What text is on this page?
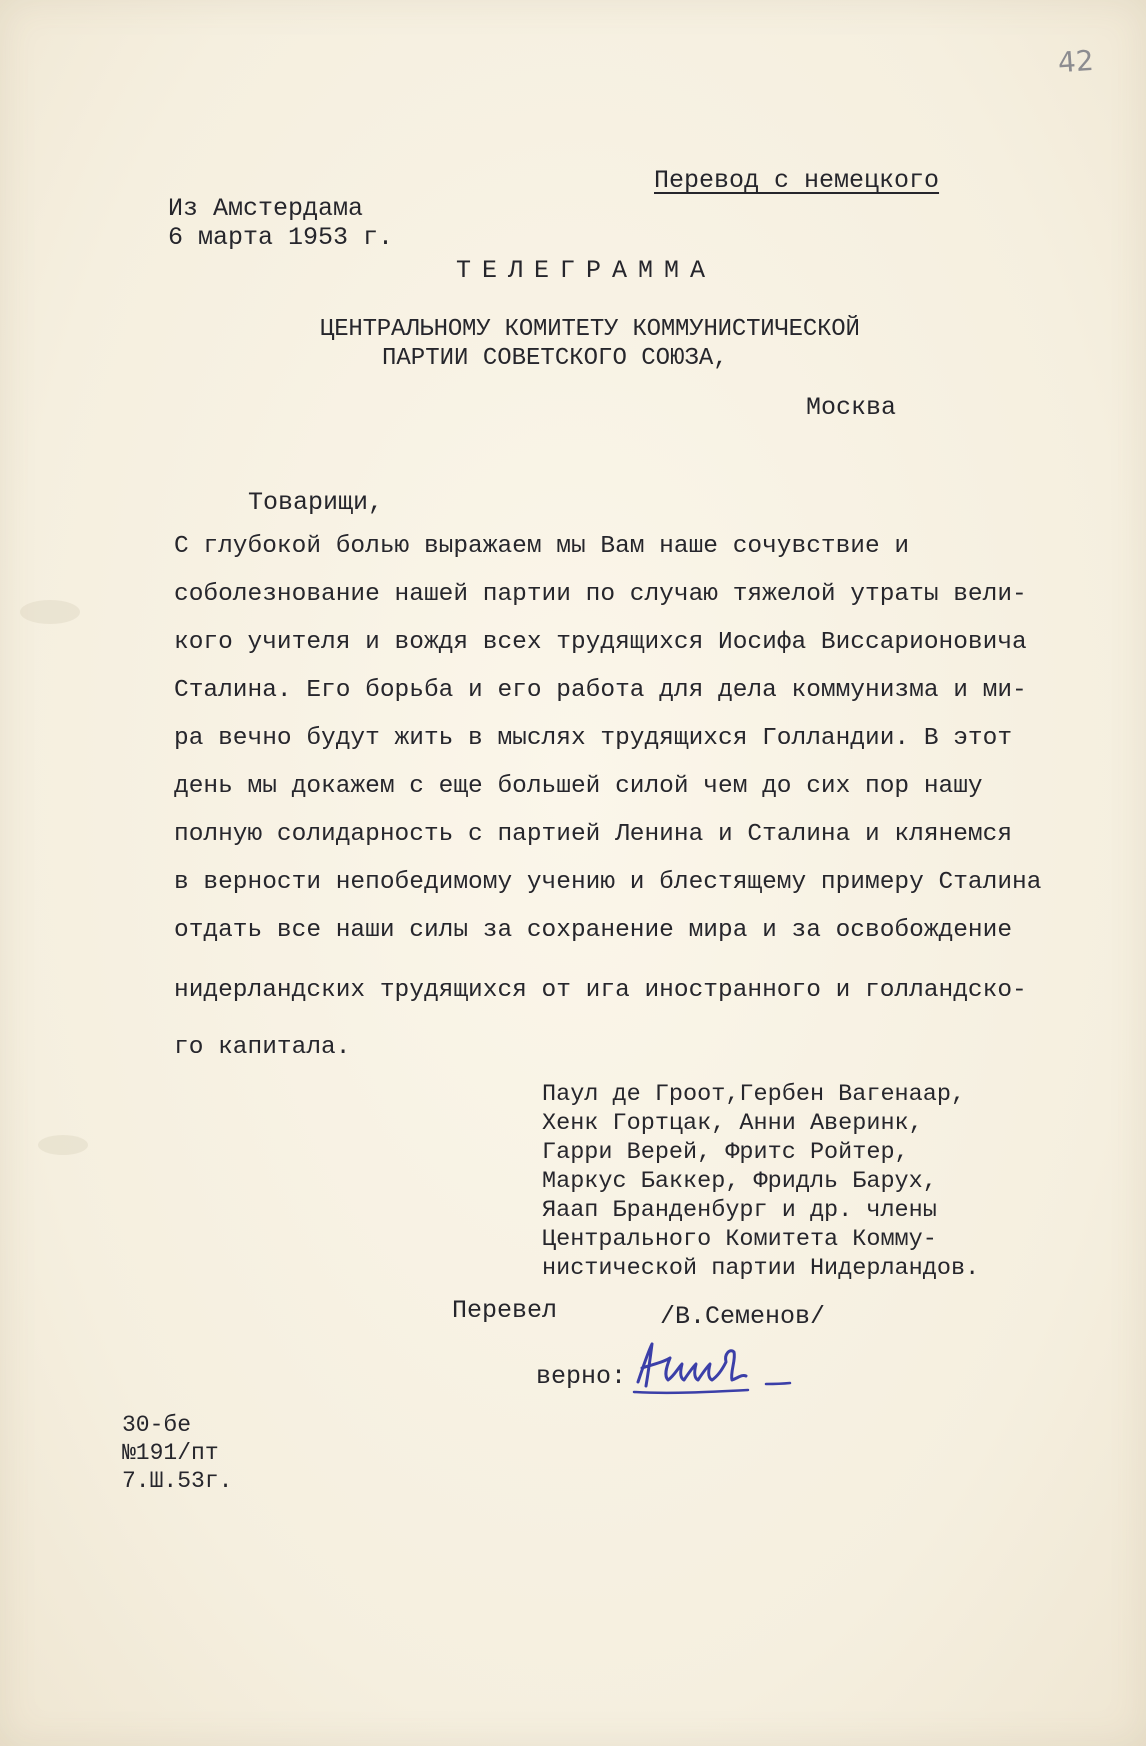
42
Перевод с немецкого
Из Амстердама
6 марта 1953 г.
ТЕЛЕГРАММА
ЦЕНТРАЛЬНОМУ КОМИТЕТУ КОММУНИСТИЧЕСКОЙ
ПАРТИИ СОВЕТСКОГО СОЮЗА,
Москва
Товарищи,
С глубокой болью выражаем мы Вам наше сочувствие и
соболезнование нашей партии по случаю тяжелой утраты вели-
кого учителя и вождя всех трудящихся Иосифа Виссарионовича
Сталина. Его борьба и его работа для дела коммунизма и ми-
ра вечно будут жить в мыслях трудящихся Голландии. В этот
день мы докажем с еще большей силой чем до сих пор нашу
полную солидарность с партией Ленина и Сталина и клянемся
в верности непобедимому учению и блестящему примеру Сталина
отдать все наши силы за сохранение мира и за освобождение
нидерландских трудящихся от ига иностранного и голландско-
го капитала.
Паул де Гроот,Гербен Вагенаар,
Хенк Гортцак, Анни Аверинк,
Гарри Верей, Фритс Ройтер,
Маркус Баккер, Фридль Барух,
Яаап Бранденбург и др. члены
Центрального Комитета Комму-
нистической партии Нидерландов.
Перевел	/В.Семенов/
верно:
30-бе
№191/пт
7.Ш.53г.
